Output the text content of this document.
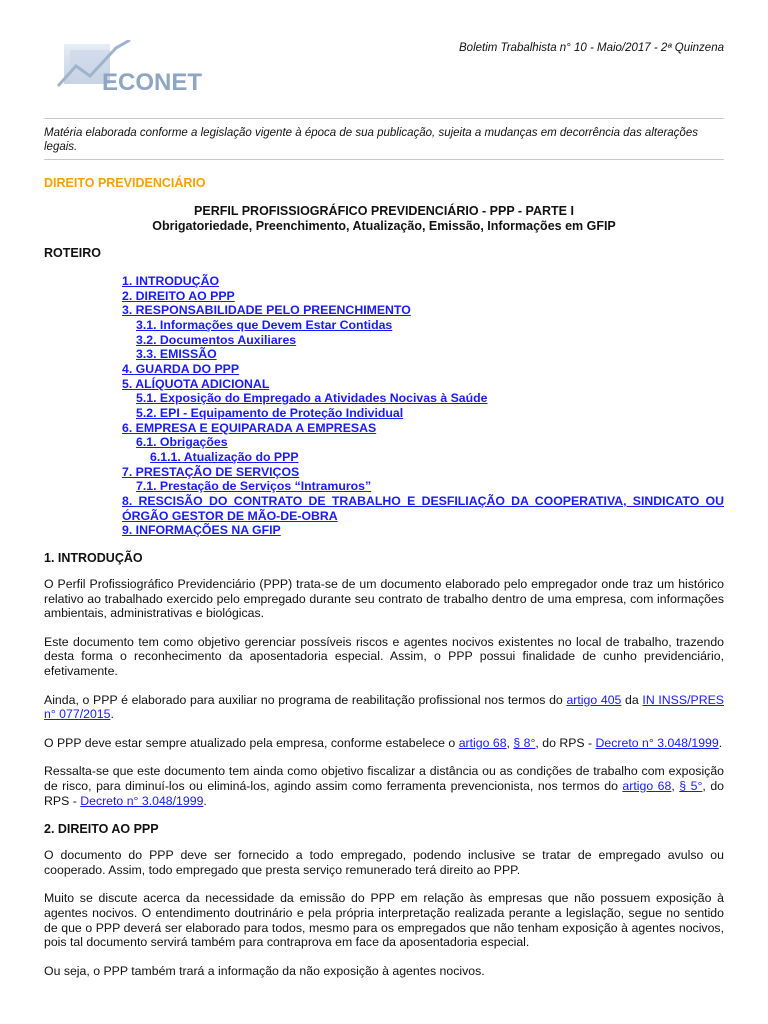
ECONET
Boletim Trabalhista n° 10 - Maio/2017 - 2ª Quinzena
Matéria elaborada conforme a legislação vigente à época de sua publicação, sujeita a mudanças em decorrência das alterações legais.
DIREITO PREVIDENCIÁRIO
PERFIL PROFISSIOGRÁFICO PREVIDENCIÁRIO - PPP - PARTE I
Obrigatoriedade, Preenchimento, Atualização, Emissão, Informações em GFIP
ROTEIRO
1. INTRODUÇÃO
2. DIREITO AO PPP
3. RESPONSABILIDADE PELO PREENCHIMENTO
3.1. Informações que Devem Estar Contidas
3.2. Documentos Auxiliares
3.3. EMISSÃO
4. GUARDA DO PPP
5. ALÍQUOTA ADICIONAL
5.1. Exposição do Empregado a Atividades Nocivas à Saúde
5.2. EPI - Equipamento de Proteção Individual
6. EMPRESA E EQUIPARADA A EMPRESAS
6.1. Obrigações
6.1.1. Atualização do PPP
7. PRESTAÇÃO DE SERVIÇOS
7.1. Prestação de Serviços “Intramuros”
8. RESCISÃO DO CONTRATO DE TRABALHO E DESFILIAÇÃO DA COOPERATIVA, SINDICATO OU ÓRGÃO GESTOR DE MÃO-DE-OBRA
9. INFORMAÇÕES NA GFIP
1. INTRODUÇÃO

O Perfil Profissiográfico Previdenciário (PPP) trata-se de um documento elaborado pelo empregador onde traz um histórico relativo ao trabalhado exercido pelo empregado durante seu contrato de trabalho dentro de uma empresa, com informações ambientais, administrativas e biológicas.

Este documento tem como objetivo gerenciar possíveis riscos e agentes nocivos existentes no local de trabalho, trazendo desta forma o reconhecimento da aposentadoria especial. Assim, o PPP possui finalidade de cunho previdenciário, efetivamente.

Ainda, o PPP é elaborado para auxiliar no programa de reabilitação profissional nos termos do artigo 405 da IN INSS/PRES n° 077/2015.

O PPP deve estar sempre atualizado pela empresa, conforme estabelece o artigo 68, § 8°, do RPS - Decreto n° 3.048/1999.

Ressalta-se que este documento tem ainda como objetivo fiscalizar a distância ou as condições de trabalho com exposição de risco, para diminuí-los ou eliminá-los, agindo assim como ferramenta prevencionista, nos termos do artigo 68, § 5°, do RPS - Decreto n° 3.048/1999.

2. DIREITO AO PPP

O documento do PPP deve ser fornecido a todo empregado, podendo inclusive se tratar de empregado avulso ou cooperado. Assim, todo empregado que presta serviço remunerado terá direito ao PPP.

Muito se discute acerca da necessidade da emissão do PPP em relação às empresas que não possuem exposição à agentes nocivos. O entendimento doutrinário e pela própria interpretação realizada perante a legislação, segue no sentido de que o PPP deverá ser elaborado para todos, mesmo para os empregados que não tenham exposição à agentes nocivos, pois tal documento servirá também para contraprova em face da aposentadoria especial.

Ou seja, o PPP também trará a informação da não exposição à agentes nocivos.
